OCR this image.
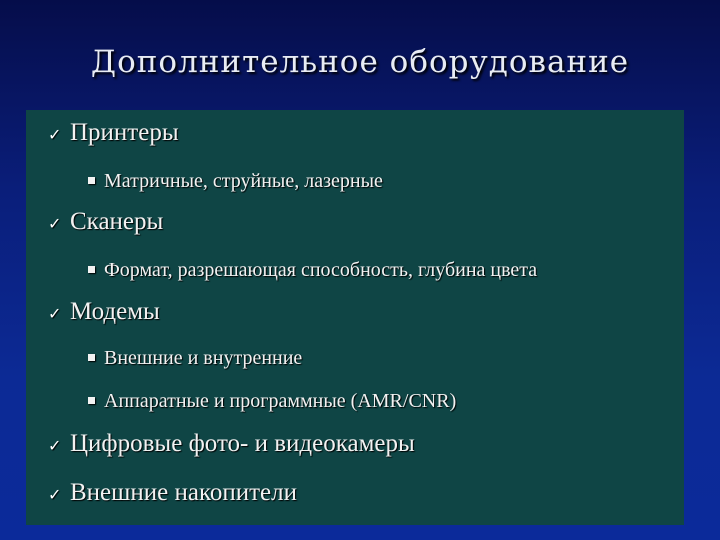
Дополнительное оборудование
✓ Принтеры
Матричные, струйные, лазерные
✓ Сканеры
Формат, разрешающая способность, глубина цвета
✓ Модемы
Внешние и внутренние
Аппаратные и программные (AMR/CNR)
✓ Цифровые фото- и видеокамеры
✓ Внешние накопители
